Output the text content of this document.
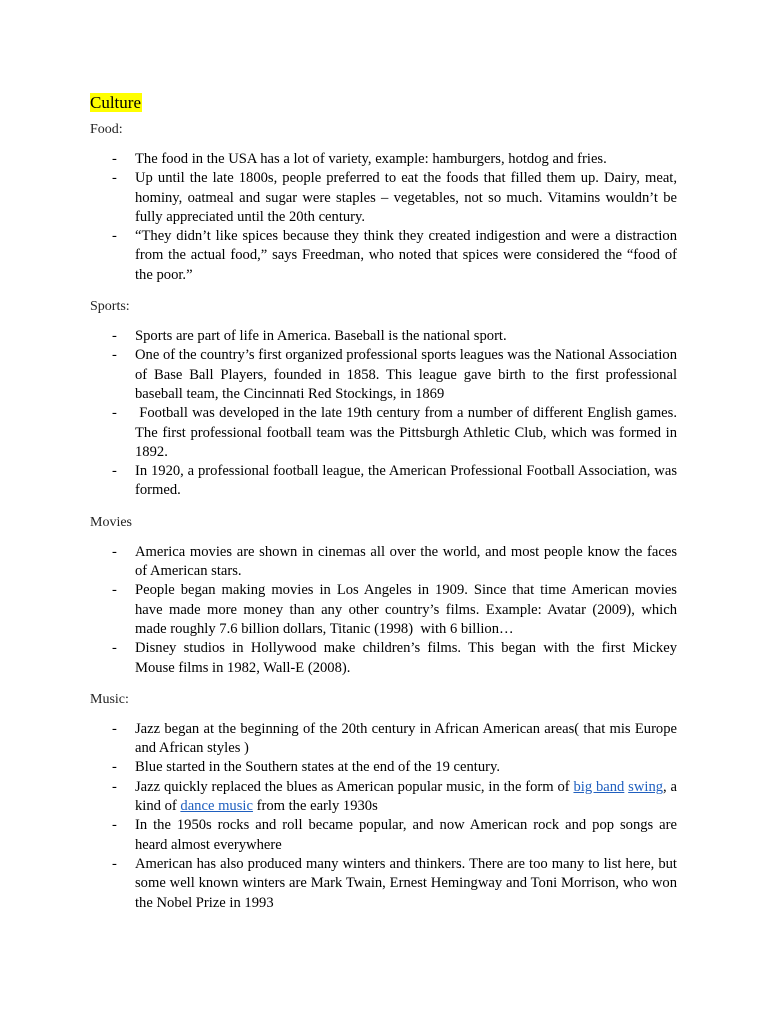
Culture
Food:
- The food in the USA has a lot of variety, example: hamburgers, hotdog and fries.
- Up until the late 1800s, people preferred to eat the foods that filled them up. Dairy, meat, hominy, oatmeal and sugar were staples – vegetables, not so much. Vitamins wouldn’t be fully appreciated until the 20th century.
- “They didn’t like spices because they think they created indigestion and were a distraction from the actual food,” says Freedman, who noted that spices were considered the “food of the poor.”
Sports:
- Sports are part of life in America. Baseball is the national sport.
- One of the country’s first organized professional sports leagues was the National Association of Base Ball Players, founded in 1858. This league gave birth to the first professional baseball team, the Cincinnati Red Stockings, in 1869
- Football was developed in the late 19th century from a number of different English games. The first professional football team was the Pittsburgh Athletic Club, which was formed in 1892.
- In 1920, a professional football league, the American Professional Football Association, was formed.
Movies
- America movies are shown in cinemas all over the world, and most people know the faces of American stars.
- People began making movies in Los Angeles in 1909. Since that time American movies have made more money than any other country’s films. Example: Avatar (2009), which made roughly 7.6 billion dollars, Titanic (1998)  with 6 billion…
- Disney studios in Hollywood make children’s films. This began with the first Mickey Mouse films in 1982, Wall-E (2008).
Music:
- Jazz began at the beginning of the 20th century in African American areas( that mis Europe and African styles )
- Blue started in the Southern states at the end of the 19 century.
- Jazz quickly replaced the blues as American popular music, in the form of big band swing, a kind of dance music from the early 1930s
- In the 1950s rocks and roll became popular, and now American rock and pop songs are heard almost everywhere
- American has also produced many winters and thinkers. There are too many to list here, but some well known winters are Mark Twain, Ernest Hemingway and Toni Morrison, who won the Nobel Prize in 1993
